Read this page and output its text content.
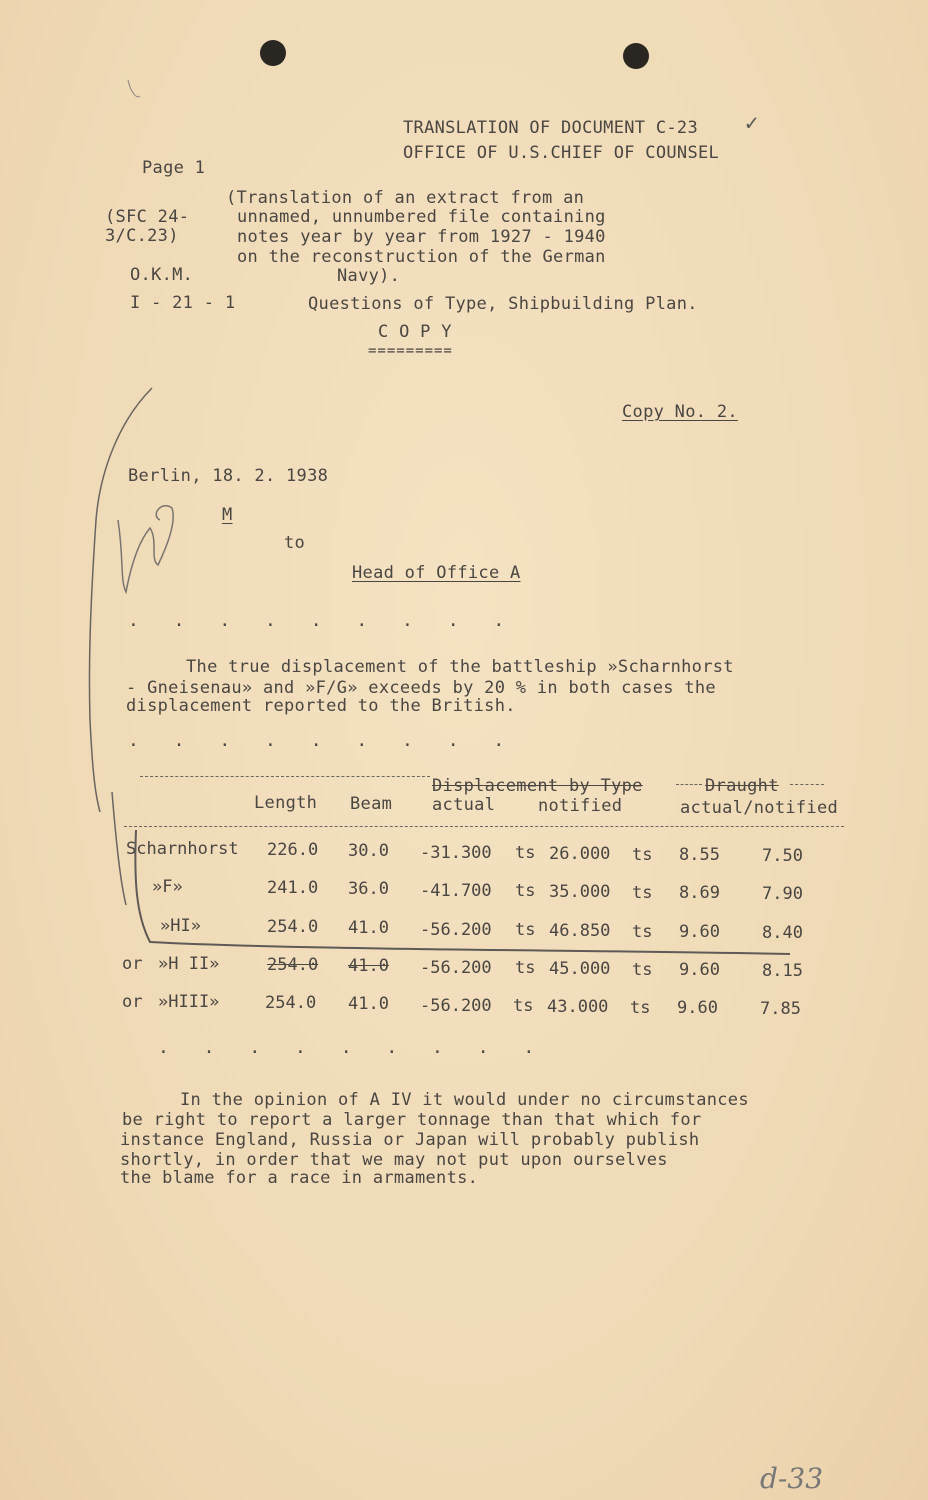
TRANSLATION OF DOCUMENT C-23
OFFICE OF U.S.CHIEF OF COUNSEL
✓
Page 1
(SFC 24-
3/C.23)
O.K.M.
I - 21 - 1
(Translation of an extract from an
unnamed, unnumbered file containing
notes year by year from 1927 - 1940
on the reconstruction of the German
Navy).
Questions of Type, Shipbuilding Plan.
C O P Y
=========
Copy No. 2.
Berlin, 18. 2. 1938
M
to
Head of Office A
. . . . . . . . .
The true displacement of the battleship »Scharnhorst
- Gneisenau» and »F/G» exceeds by 20 % in both cases the
displacement reported to the British.
. . . . . . . . .
Displacement by Type	Draught
Length Beam actual	notified	actual/notified
Scharnhorst 226.0 30.0 -31.300 ts 26.000 ts 8.55 7.50
»F»	241.0 36.0 -41.700 ts 35.000 ts 8.69 7.90
»HI»	254.0 41.0 -56.200 ts 46.850 ts 9.60 8.40
or »H II»	254.0 41.0 -56.200 ts 45.000 ts 9.60 8.15
or »HIII»	254.0 41.0 -56.200 ts 43.000 ts 9.60 7.85
. . . . . . . . .
In the opinion of A IV it would under no circumstances
be right to report a larger tonnage than that which for
instance England, Russia or Japan will probably publish
shortly, in order that we may not put upon ourselves
the blame for a race in armaments.
d-33
